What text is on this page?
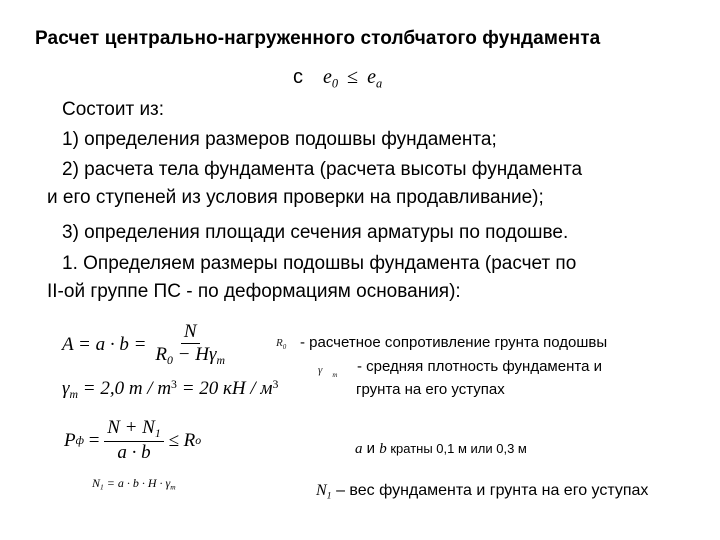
Расчет центрально-нагруженного столбчатого фундамента
с $e_0 \le e_a$
Состоит из:
1) определения размеров подошвы фундамента;
2) расчета тела фундамента (расчета высоты фундамента
и его ступеней из условия проверки на продавливание);
3) определения площади сечения арматуры по подошве.
1. Определяем размеры подошвы фундамента (расчет по
II-ой группе ПС - по деформациям основания):
$A = a \cdot b = \frac{N}{R_0 - H\gamma_m}$
$\gamma_m = 2,0$ $m / m^3 = 20$ кН / $м^3$
P $ф = \frac{N + N_1}{a \cdot b} \le R$ o
$N_1 = a \cdot b \cdot H \cdot \gamma_m$
R0 - расчетное сопротивление грунта подошвы
γ $_m$ - средняя плотность фундамента и
грунта на его уступах
a и b кратны 0,1 м или 0,3 м
$N_1$ – вес фундамента и грунта на его уступах
